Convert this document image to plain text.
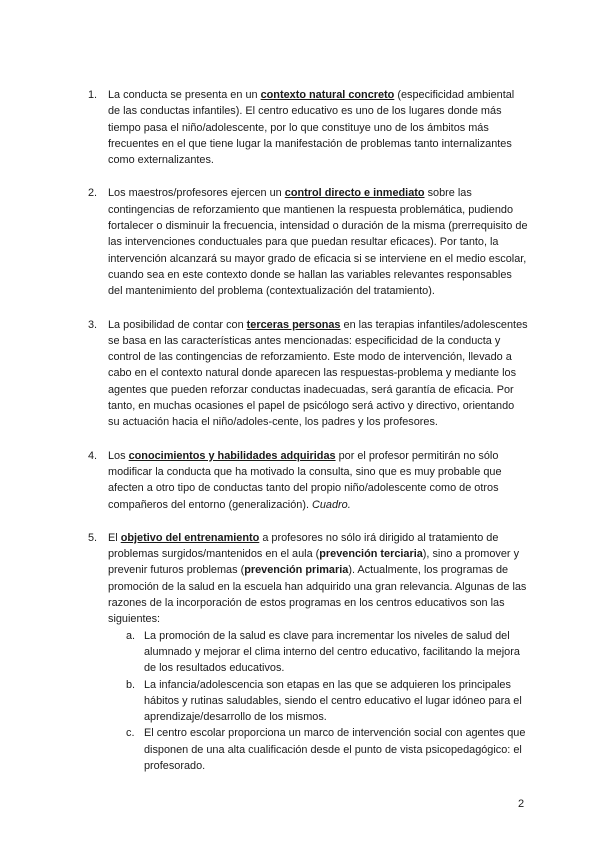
1. La conducta se presenta en un contexto natural concreto (especificidad ambiental de las conductas infantiles). El centro educativo es uno de los lugares donde más tiempo pasa el niño/adolescente, por lo que constituye uno de los ámbitos más frecuentes en el que tiene lugar la manifestación de problemas tanto internalizantes como externalizantes.
2. Los maestros/profesores ejercen un control directo e inmediato sobre las contingencias de reforzamiento que mantienen la respuesta problemática, pudiendo fortalecer o disminuir la frecuencia, intensidad o duración de la misma (prerrequisito de las intervenciones conductuales para que puedan resultar eficaces). Por tanto, la intervención alcanzará su mayor grado de eficacia si se interviene en el medio escolar, cuando sea en este contexto donde se hallan las variables relevantes responsables del mantenimiento del problema (contextualización del tratamiento).
3. La posibilidad de contar con terceras personas en las terapias infantiles/adolescentes se basa en las características antes mencionadas: especificidad de la conducta y control de las contingencias de reforzamiento. Este modo de intervención, llevado a cabo en el contexto natural donde aparecen las respuestas-problema y mediante los agentes que pueden reforzar conductas inadecuadas, será garantía de eficacia. Por tanto, en muchas ocasiones el papel de psicólogo será activo y directivo, orientando su actuación hacia el niño/adoles-cente, los padres y los profesores.
4. Los conocimientos y habilidades adquiridas por el profesor permitirán no sólo modificar la conducta que ha motivado la consulta, sino que es muy probable que afecten a otro tipo de conductas tanto del propio niño/adolescente como de otros compañeros del entorno (generalización). Cuadro.
5. El objetivo del entrenamiento a profesores no sólo irá dirigido al tratamiento de problemas surgidos/mantenidos en el aula (prevención terciaria), sino a promover y prevenir futuros problemas (prevención primaria). Actualmente, los programas de promoción de la salud en la escuela han adquirido una gran relevancia. Algunas de las razones de la incorporación de estos programas en los centros educativos son las siguientes:
a. La promoción de la salud es clave para incrementar los niveles de salud del alumnado y mejorar el clima interno del centro educativo, facilitando la mejora de los resultados educativos.
b. La infancia/adolescencia son etapas en las que se adquieren los principales hábitos y rutinas saludables, siendo el centro educativo el lugar idóneo para el aprendizaje/desarrollo de los mismos.
c. El centro escolar proporciona un marco de intervención social con agentes que disponen de una alta cualificación desde el punto de vista psicopedagógico: el profesorado.
2
